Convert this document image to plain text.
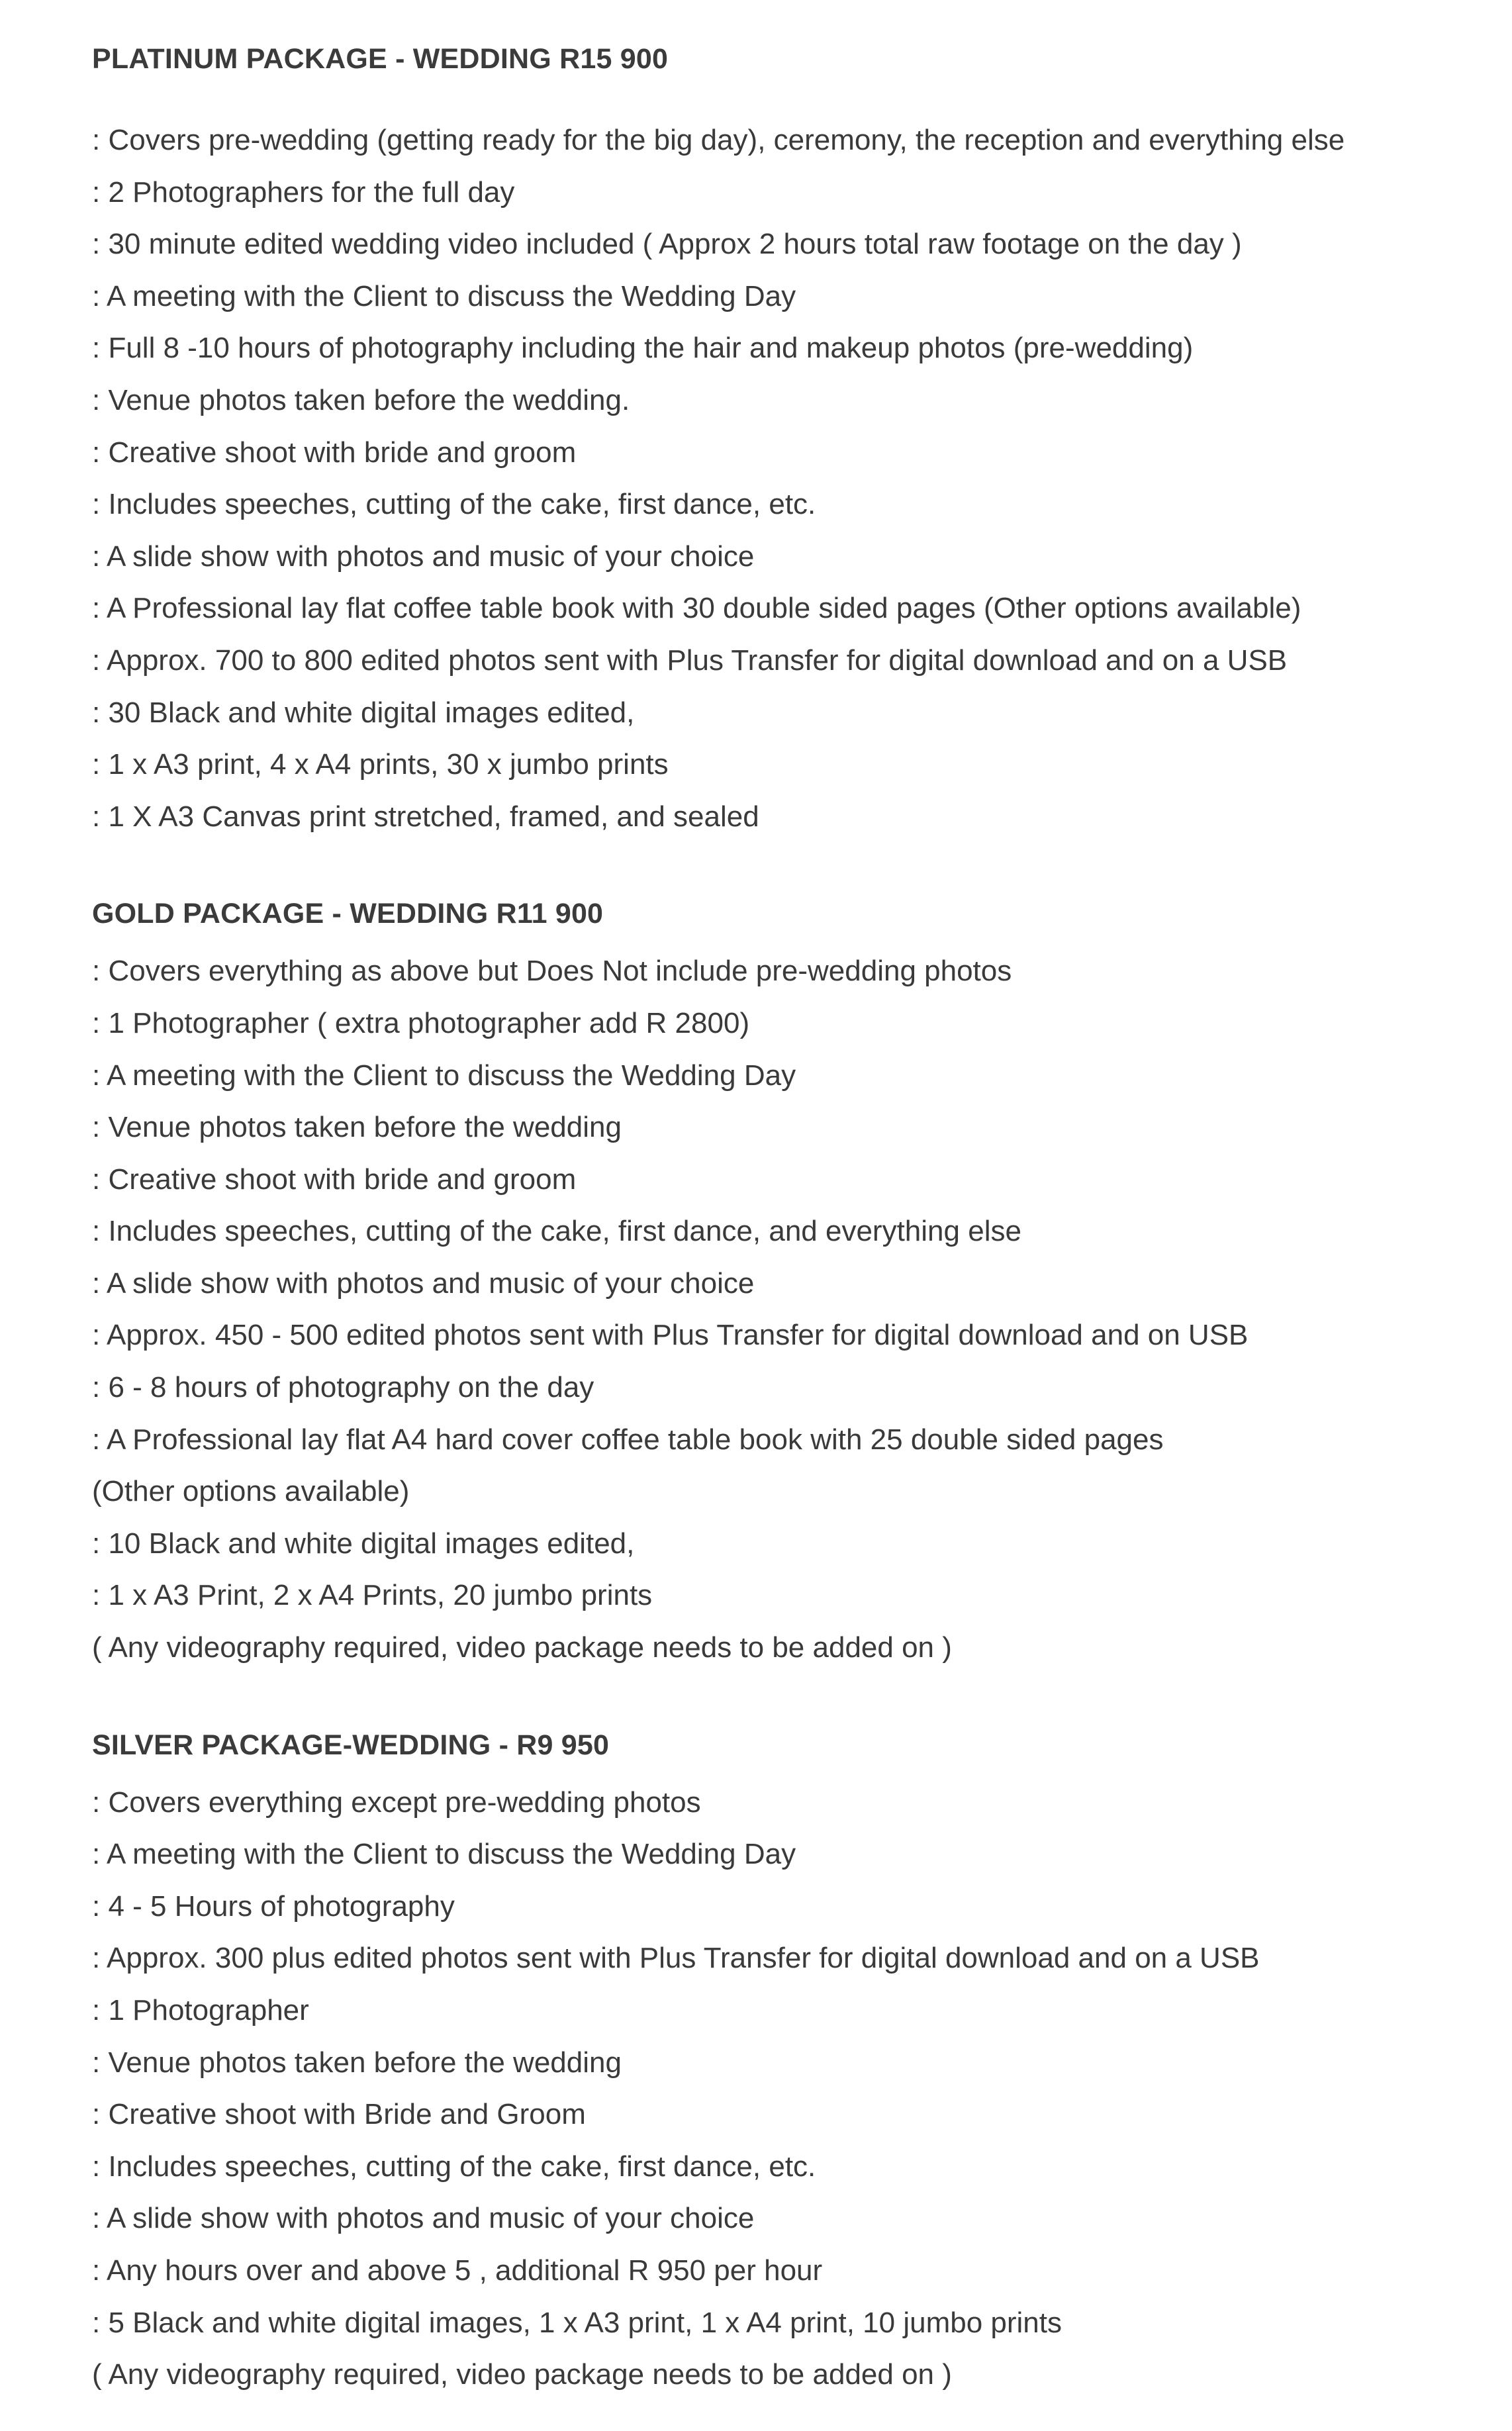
PLATINUM PACKAGE - WEDDING R15 900
: Covers pre-wedding (getting ready for the big day), ceremony, the reception and everything else
: 2 Photographers for the full day
: 30 minute edited wedding video included ( Approx 2 hours total raw footage on the day )
: A meeting with the Client to discuss the Wedding Day
: Full 8 -10 hours of photography including the hair and makeup photos (pre-wedding)
: Venue photos taken before the wedding.
: Creative shoot with bride and groom
: Includes speeches, cutting of the cake, first dance, etc.
: A slide show with photos and music of your choice
: A Professional lay flat coffee table book with 30 double sided pages (Other options available)
: Approx. 700 to 800 edited photos sent with Plus Transfer for digital download and on a USB
: 30 Black and white digital images edited,
: 1 x A3 print, 4 x A4 prints, 30 x jumbo prints
: 1 X A3 Canvas print stretched, framed, and sealed
GOLD PACKAGE - WEDDING R11 900
: Covers everything as above but Does Not include pre-wedding photos
: 1 Photographer ( extra photographer add R 2800)
: A meeting with the Client to discuss the Wedding Day
: Venue photos taken before the wedding
: Creative shoot with bride and groom
: Includes speeches, cutting of the cake, first dance, and everything else
: A slide show with photos and music of your choice
: Approx. 450 - 500 edited photos sent with Plus Transfer for digital download and on USB
: 6 - 8 hours of photography on the day
: A Professional lay flat A4 hard cover coffee table book with 25 double sided pages
(Other options available)
: 10 Black and white digital images edited,
: 1 x A3 Print, 2 x A4 Prints, 20 jumbo prints
( Any videography required, video package needs to be added on )
SILVER PACKAGE-WEDDING - R9 950
: Covers everything except pre-wedding photos
: A meeting with the Client to discuss the Wedding Day
: 4 - 5 Hours of photography
: Approx. 300 plus edited photos sent with Plus Transfer for digital download and on a USB
: 1 Photographer
: Venue photos taken before the wedding
: Creative shoot with Bride and Groom
: Includes speeches, cutting of the cake, first dance, etc.
: A slide show with photos and music of your choice
: Any hours over and above 5 , additional R 950 per hour
: 5 Black and white digital images, 1 x A3 print, 1 x A4 print, 10 jumbo prints
( Any videography required, video package needs to be added on )
